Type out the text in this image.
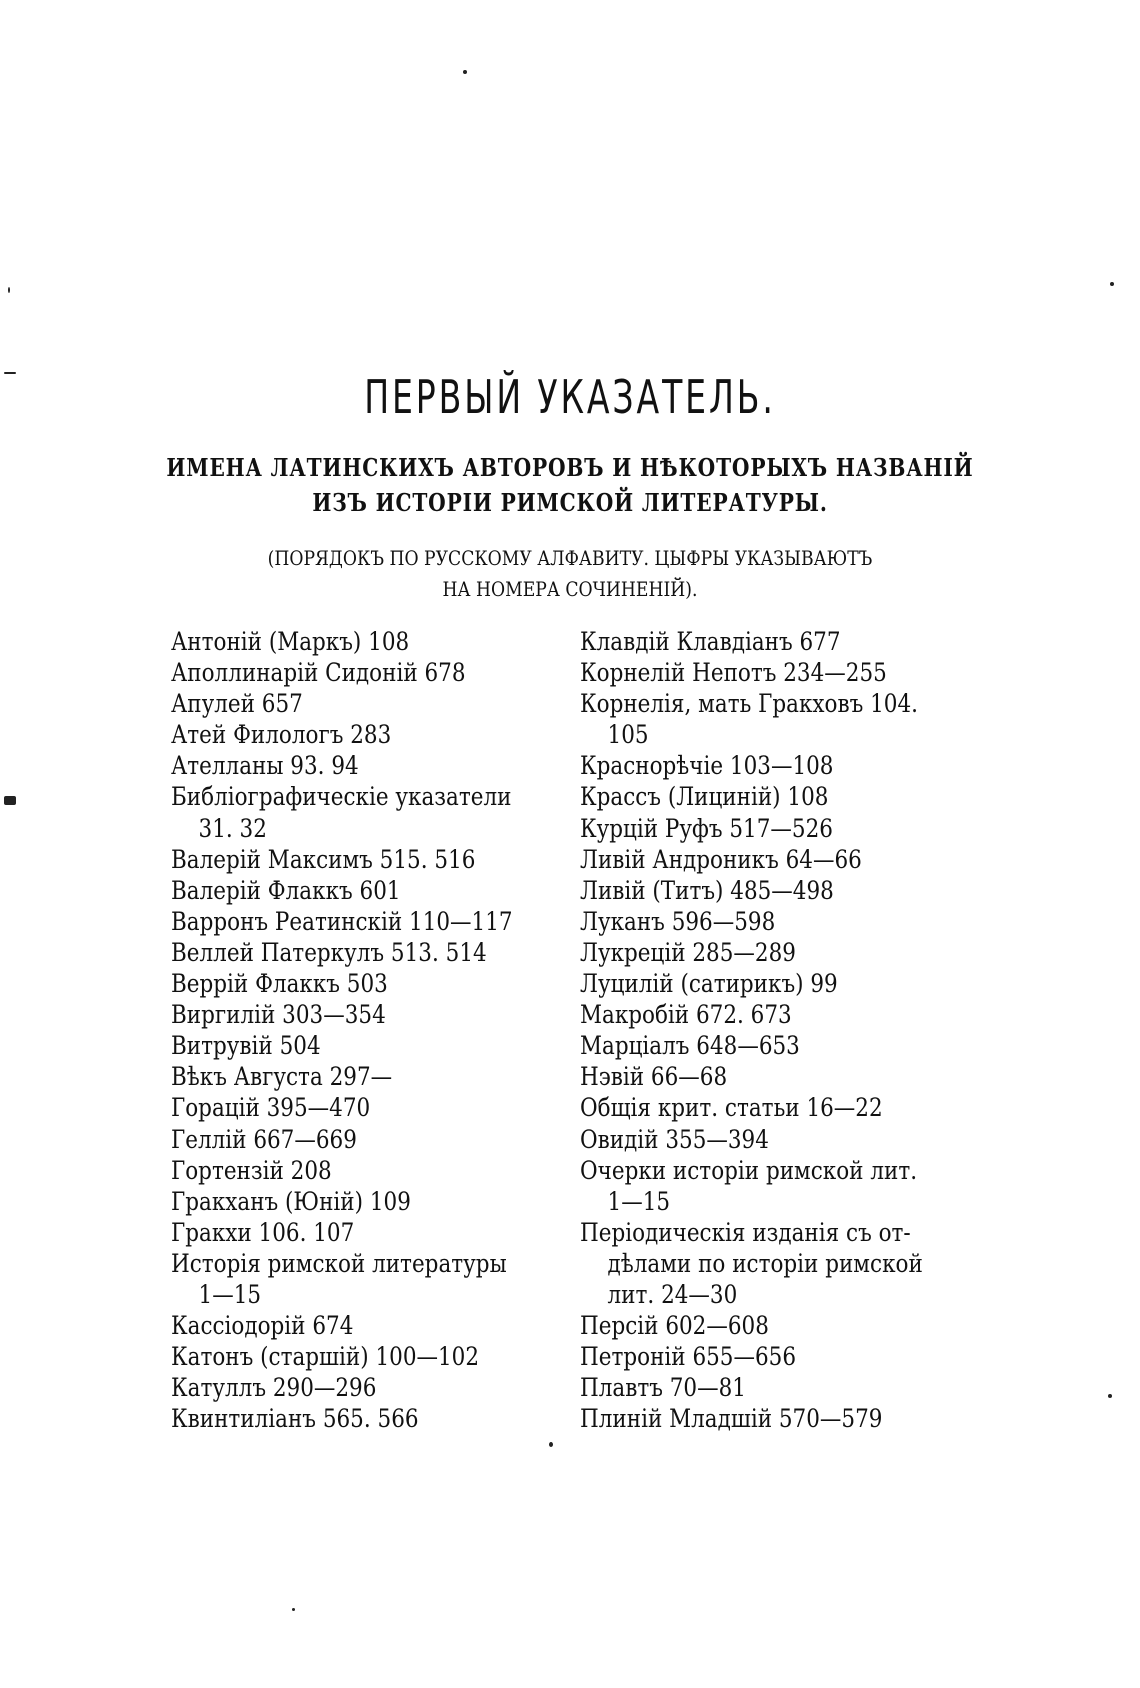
ПЕРВЫЙ УКАЗАТЕЛЬ.
ИМЕНА ЛАТИНСКИХЪ АВТОРОВЪ И НѢКОТОРЫХЪ НАЗВАНІЙ
ИЗЪ ИСТОРІИ РИМСКОЙ ЛИТЕРАТУРЫ.
(ПОРЯДОКЪ ПО РУССКОМУ АЛФАВИТУ. ЦЫФРЫ УКАЗЫВАЮТЪ
НА НОМЕРА СОЧИНЕНІЙ).
Антоній (Маркъ) 108
Аполлинарій Сидоній 678
Апулей 657
Атей Филологъ 283
Ателланы 93. 94
Библіографическіе указатели
31. 32
Валерій Максимъ 515. 516
Валерій Флаккъ 601
Варронъ Реатинскій 110—117
Веллей Патеркулъ 513. 514
Веррій Флаккъ 503
Виргилій 303—354
Витрувій 504
Вѣкъ Августа 297—
Горацій 395—470
Геллій 667—669
Гортензій 208
Гракханъ (Юній) 109
Гракхи 106. 107
Исторія римской литературы
1—15
Кассіодорій 674
Катонъ (старшій) 100—102
Катуллъ 290—296
Квинтиліанъ 565. 566
Клавдій Клавдіанъ 677
Корнелій Непотъ 234—255
Корнелія, мать Гракховъ 104.
105
Краснорѣчіе 103—108
Крассъ (Лициній) 108
Курцій Руфъ 517—526
Ливій Андроникъ 64—66
Ливій (Титъ) 485—498
Луканъ 596—598
Лукрецій 285—289
Луцилій (сатирикъ) 99
Макробій 672. 673
Марціалъ 648—653
Нэвій 66—68
Общія крит. статьи 16—22
Овидій 355—394
Очерки исторіи римской лит.
1—15
Періодическія изданія съ от-
дѣлами по исторіи римской
лит. 24—30
Персій 602—608
Петроній 655—656
Плавтъ 70—81
Плиній Младшій 570—579
